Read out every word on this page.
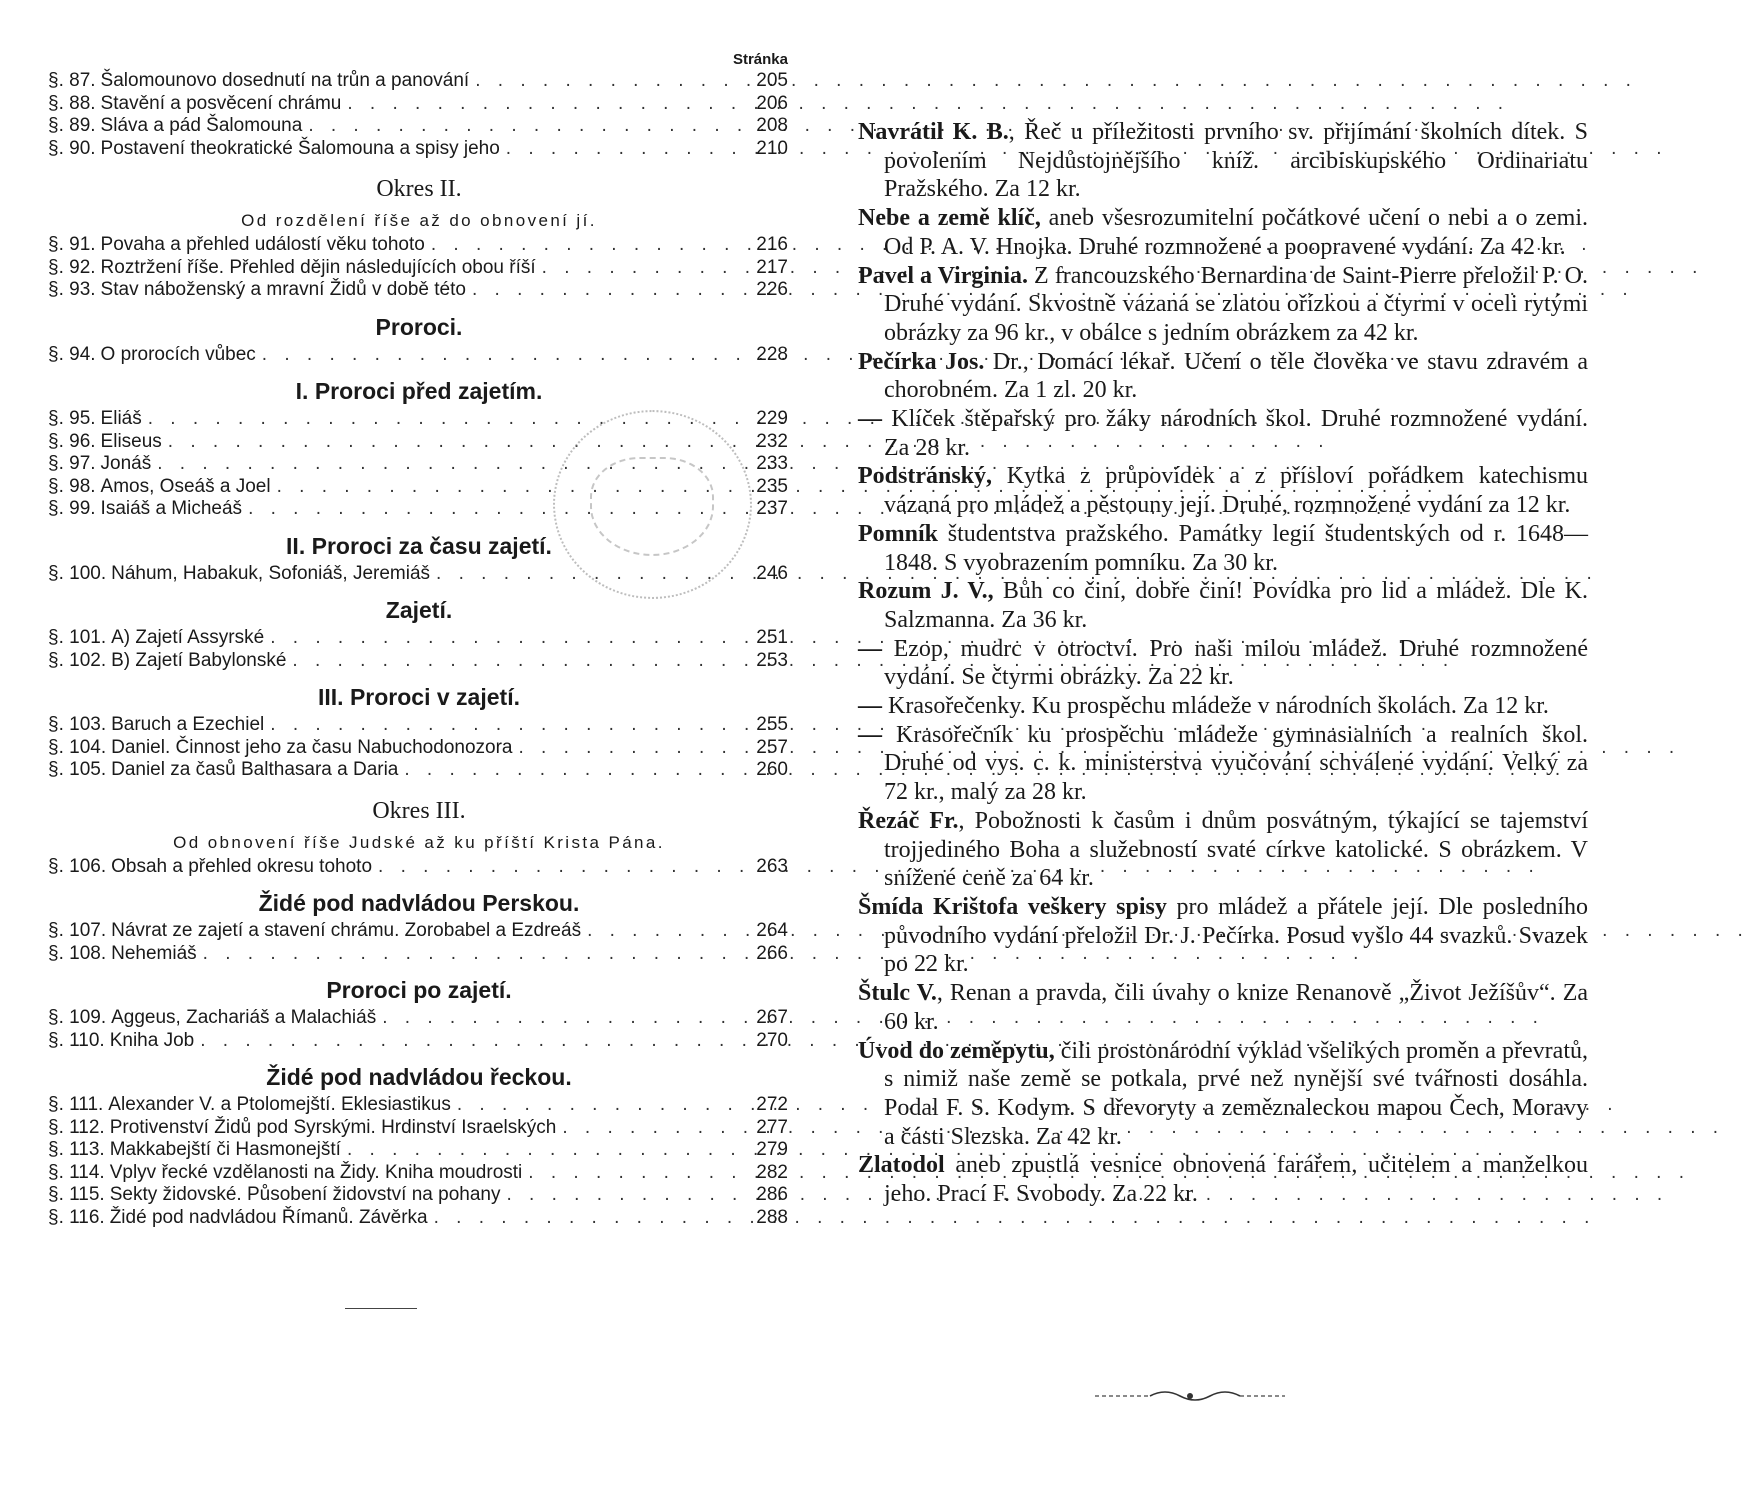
Stránka
§. 87. Šalomounovo dosednutí na trůn a panování . . .	205
§. 88. Stavění a posvěcení chrámu . . .	206
§. 89. Sláva a pád Šalomouna . . .	208
§. 90. Postavení theokratické Šalomouna a spisy jeho . . .	210
Okres II.
Od rozdělení říše až do obnovení jí.
§. 91. Povaha a přehled událostí věku tohoto . . .	216
§. 92. Roztržení říše. Přehled dějin následujících obou říší . . .	217
§. 93. Stav náboženský a mravní Židů v době této . . .	226
Proroci.
§. 94. O prorocích vůbec . . .	228
I. Proroci před zajetím.
§. 95. Eliáš . . .	229
§. 96. Eliseus . . .	232
§. 97. Jonáš . . .	233
§. 98. Amos, Oseáš a Joel . . .	235
§. 99. Isaiáš a Micheáš . . .	237
II. Proroci za času zajetí.
§. 100. Náhum, Habakuk, Sofoniáš, Jeremiáš . . .	246
Zajetí.
§. 101. A) Zajetí Assyrské . . .	251
§. 102. B) Zajetí Babylonské . . .	253
III. Proroci v zajetí.
§. 103. Baruch a Ezechiel . . .	255
§. 104. Daniel. Činnost jeho za času Nabuchodonozora . . .	257
§. 105. Daniel za časů Balthasara a Daria . . .	260
Okres III.
Od obnovení říše Judské až ku příští Krista Pána.
§. 106. Obsah a přehled okresu tohoto . . .	263
Židé pod nadvládou Perskou.
§. 107. Návrat ze zajetí a stavení chrámu. Zorobabel a Ezdreáš . . .	264
§. 108. Nehemiáš . . .	266
Proroci po zajetí.
§. 109. Aggeus, Zachariáš a Malachiáš . . .	267
§. 110. Kniha Job . . .	270
Židé pod nadvládou řeckou.
§. 111. Alexander V. a Ptolomejští. Eklesiastikus . . .	272
§. 112. Protivenství Židů pod Syrskými. Hrdinství Israelských . . .	277
§. 113. Makkabejští či Hasmonejští . . .	279
§. 114. Vplyv řecké vzdělanosti na Židy. Kniha moudrosti . . .	282
§. 115. Sekty židovské. Působení židovství na pohany . . .	286
§. 116. Židé pod nadvládou Římanů. Závěrka . . .	288

Navrátil K. B., Řeč u příležitosti prvního sv. přijímání školních dítek. S povolením Nejdůstojnějšího kníž. arcibiskupského Ordinariatu Pražského. Za 12 kr.

Nebe a země klíč, aneb všesrozumitelní počátkové učení o nebi a o zemi. Od P. A. V. Hnojka. Druhé rozmnožené a poopravené vydání. Za 42 kr.

Pavel a Virginia. Z francouzského Bernardina de Saint-Pierre přeložil P. O. Druhé vydání. Skvostně vázaná se zlatou ořízkou a čtyrmi v oceli rytými obrázky za 96 kr., v obálce s jedním obrázkem za 42 kr.

Pečírka Jos. Dr., Domácí lékař. Učení o těle člověka ve stavu zdravém a chorobném. Za 1 zl. 20 kr.

— Klíček štěpařský pro žáky národních škol. Druhé rozmnožené vydání. Za 28 kr.

Podstránský, Kytka z průpovídek a z přísloví pořádkem katechismu vázaná pro mládež a pěstouny její. Druhé, rozmnožené vydání za 12 kr.

Pomník študentstva pražského. Památky legií študentských od r. 1648—1848. S vyobrazením pomníku. Za 30 kr.

Rozum J. V., Bůh co činí, dobře činí! Povídka pro lid a mládež. Dle K. Salzmanna. Za 36 kr.

— Ezop, mudrc v otroctví. Pro naši milou mládež. Druhé rozmnožené vydání. Se čtyrmi obrázky. Za 22 kr.

— Krasořečenky. Ku prospěchu mládeže v národních školách. Za 12 kr.

— Krasořečník ku prospěchu mládeže gymnasialních a realních škol. Druhé od vys. c. k. ministerstva vyučování schválené vydání. Velký za 72 kr., malý za 28 kr.

Řezáč Fr., Pobožnosti k časům i dnům posvátným, týkající se tajemství trojjediného Boha a služebností svaté církve katolické. S obrázkem. V snížené ceně za 64 kr.

Šmída Krištofa veškery spisy pro mládež a přátele její. Dle posledního původního vydání přeložil Dr. J. Pečírka. Posud vyšlo 44 svazků. Svazek po 22 kr.

Štulc V., Renan a pravda, čili úvahy o knize Renanově „Život Ježíšův“. Za 60 kr.

Úvod do zeměpytu, čili prostonárodní výklad všelikých proměn a převratů, s nimiž naše země se potkala, prvé než nynější své tvářnosti dosáhla. Podal F. S. Kodym. S dřevoryty a zeměznaleckou mapou Čech, Moravy a části Slezska. Za 42 kr.

Zlatodol aneb zpustlá vesnice obnovená farářem, učitelem a manželkou jeho. Prací F. Svobody. Za 22 kr.
